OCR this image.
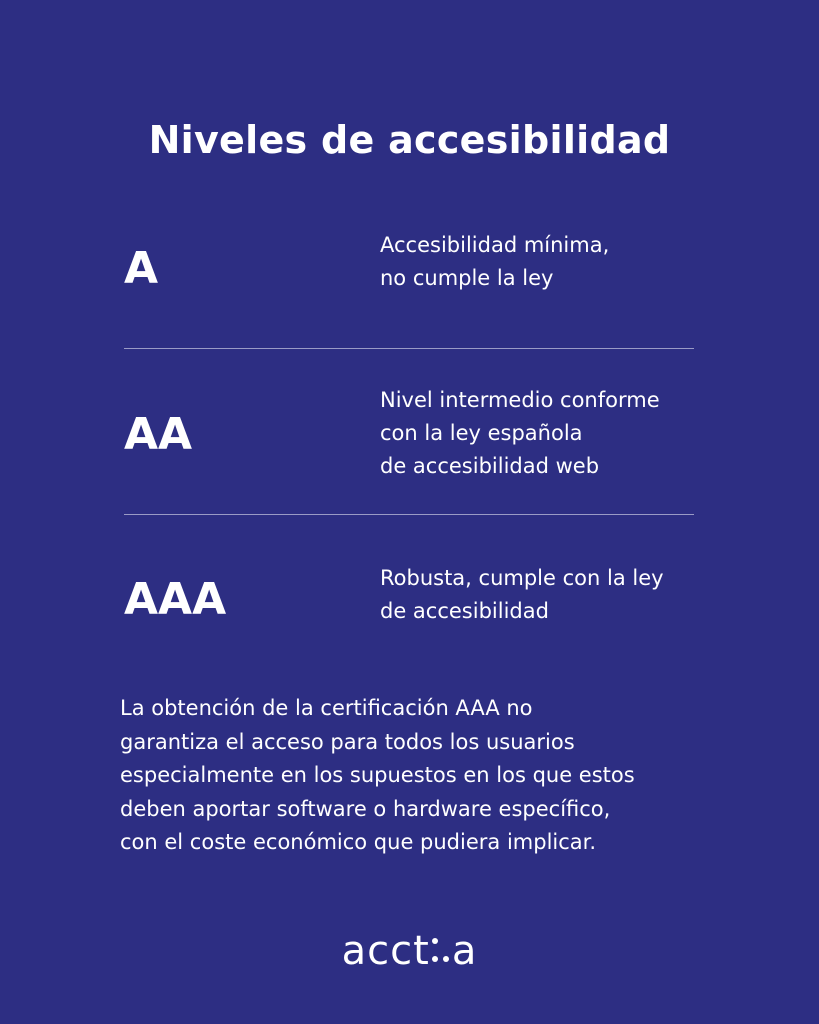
Niveles de accesibilidad
A	Accesibilidad mínima,
no cumple la ley
AA
Nivel intermedio conforme
con la ley española
de accesibilidad web
AAA	Robusta, cumple con la ley
de accesibilidad
La obtención de la certificación AAA no
garantiza el acceso para todos los usuarios
especialmente en los supuestos en los que estos
deben aportar software o hardware específico,
con el coste económico que pudiera implicar.
acct a
